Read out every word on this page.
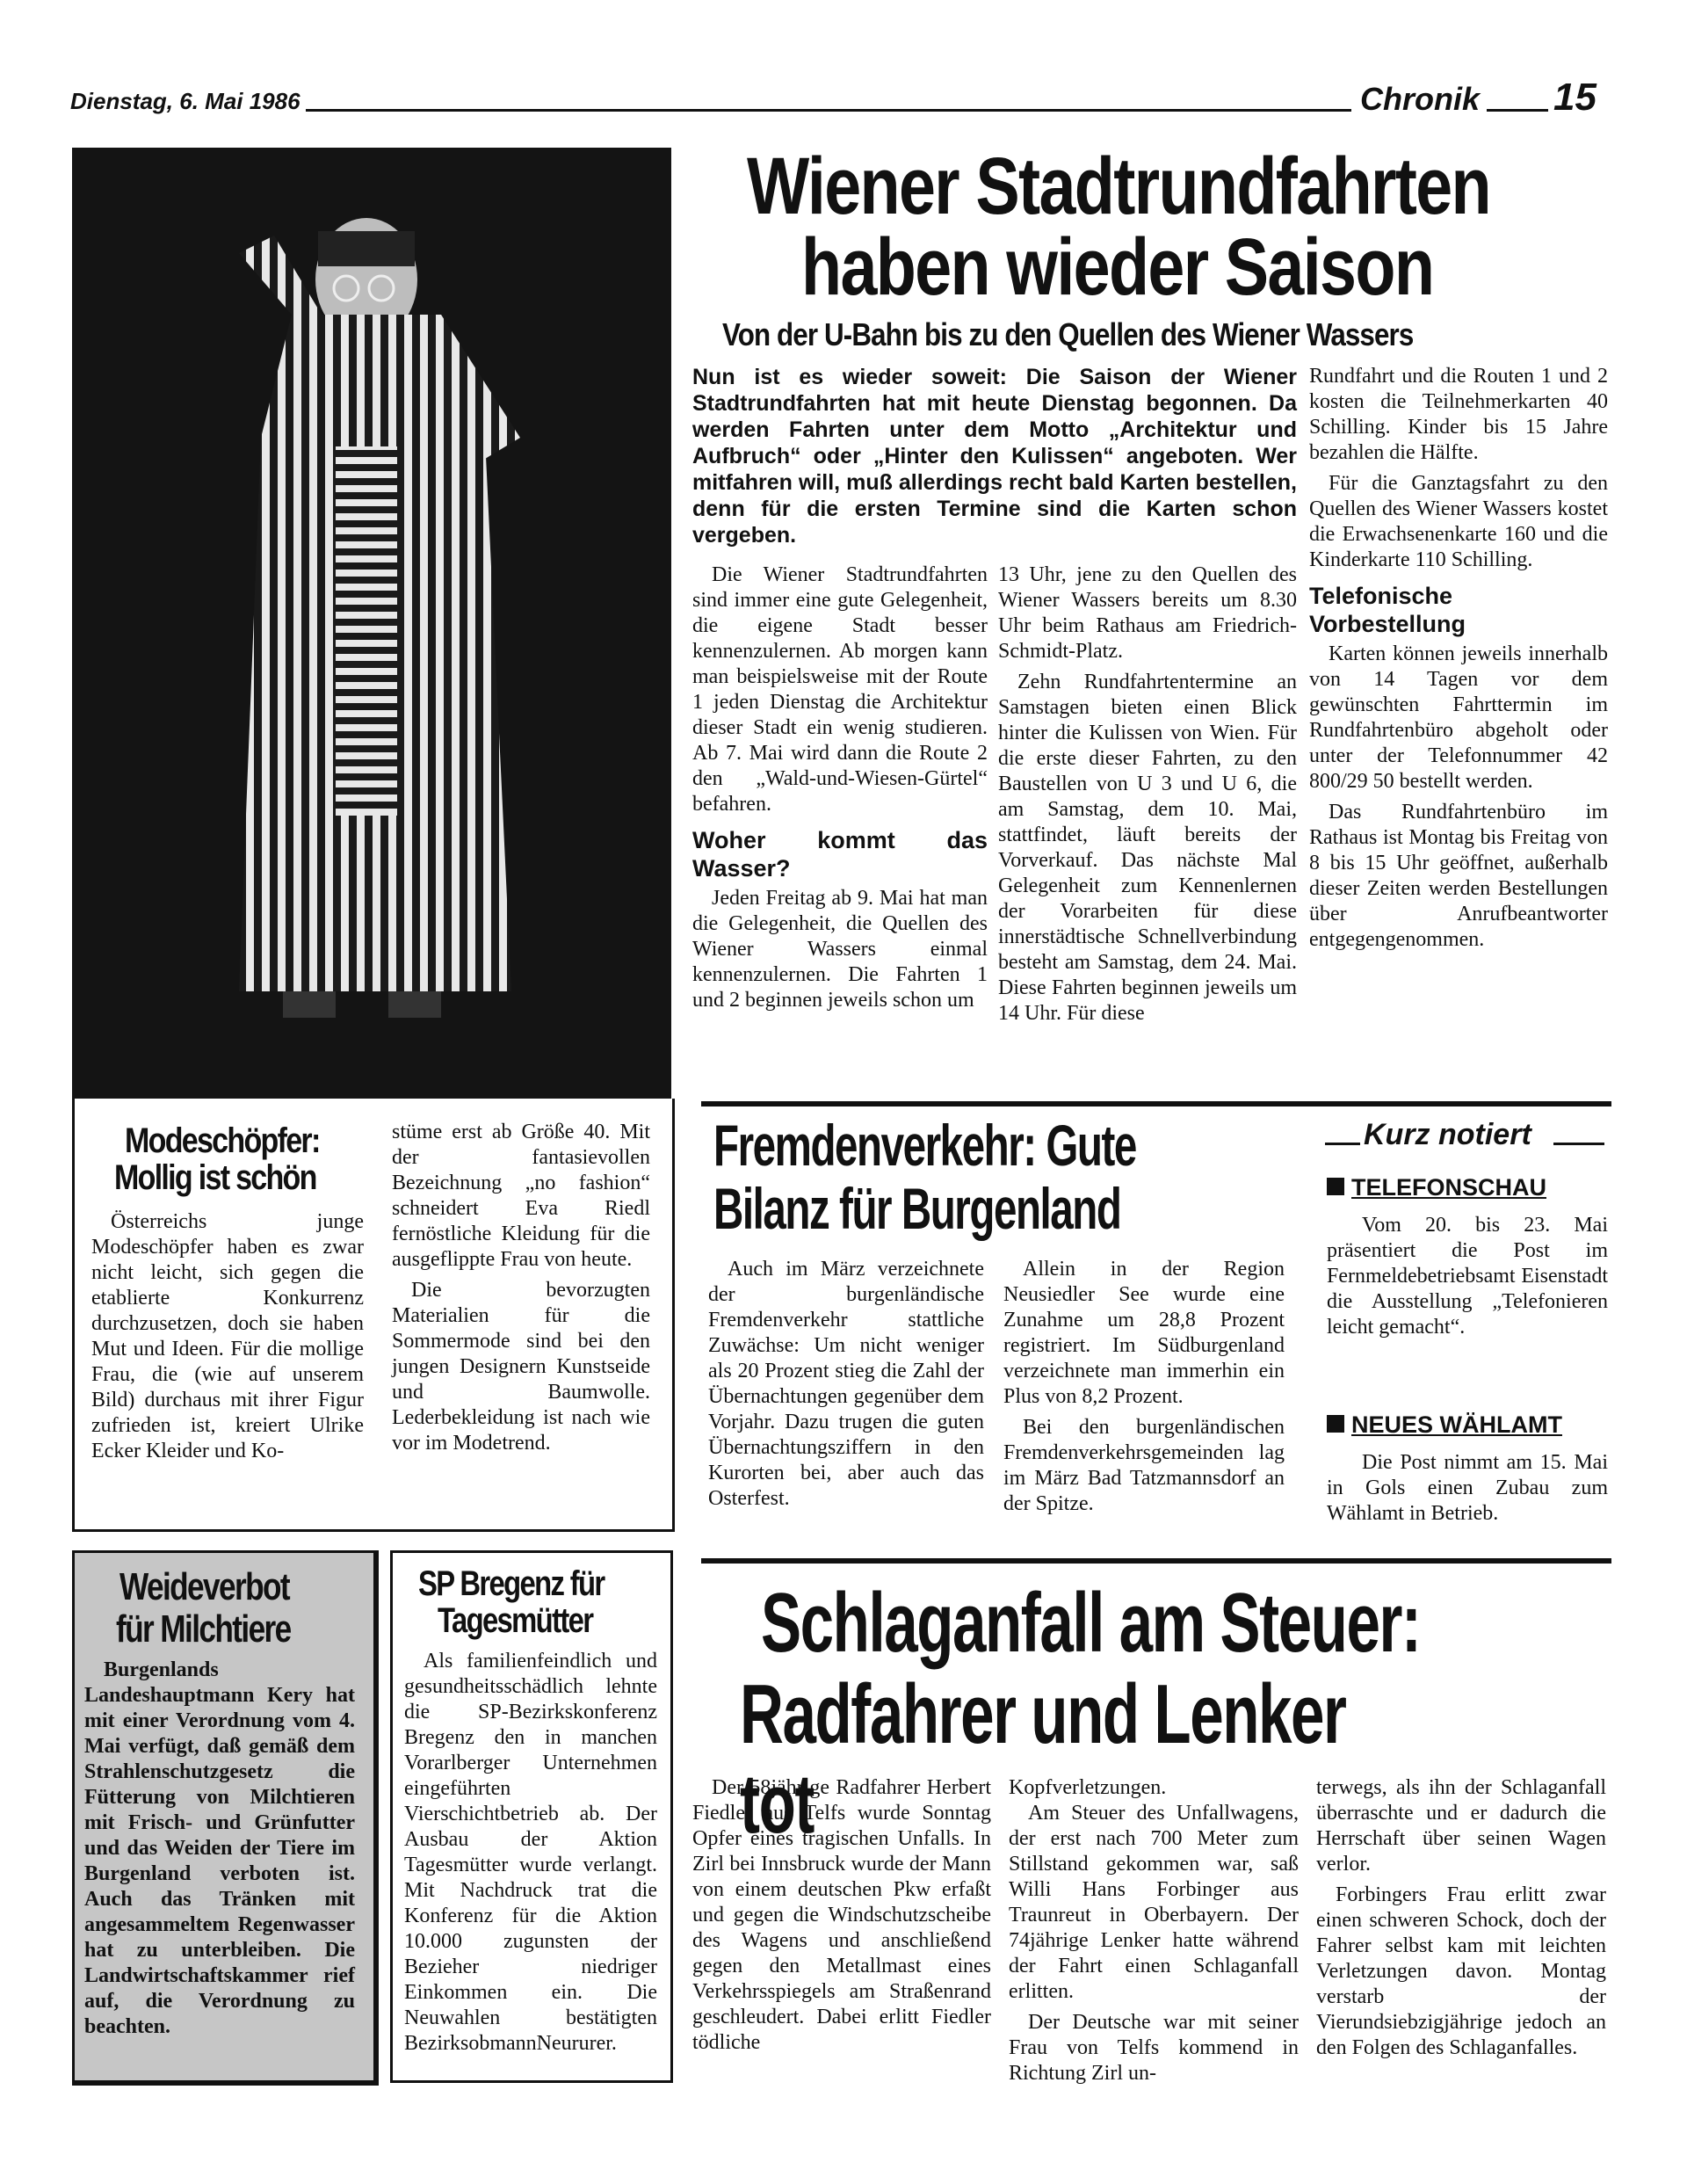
Dienstag, 6. Mai 1986	Chronik 15
Wiener Stadtrundfahrten
haben wieder Saison
Von der U-Bahn bis zu den Quellen des Wiener Wassers
Nun ist es wieder soweit: Die Saison der Wiener Stadtrundfahrten hat mit heute Dienstag begonnen. Da werden Fahrten unter dem Motto „Architektur und Aufbruch“ oder „Hinter den Kulissen“ angeboten. Wer mitfahren will, muß allerdings recht bald Karten bestellen, denn für die ersten Termine sind die Karten schon vergeben.

Die Wiener Stadtrundfahrten sind immer eine gute Gelegenheit, die eigene Stadt besser kennenzulernen. Ab morgen kann man beispielsweise mit der Route 1 jeden Dienstag die Architektur dieser Stadt ein wenig studieren. Ab 7. Mai wird dann die Route 2 den „Wald-und-Wiesen-Gürtel“ befahren.

Woher kommt das Wasser?

Jeden Freitag ab 9. Mai hat man die Gelegenheit, die Quellen des Wiener Wassers einmal kennenzulernen. Die Fahrten 1 und 2 beginnen jeweils schon um

13 Uhr, jene zu den Quellen des Wiener Wassers bereits um 8.30 Uhr beim Rathaus am Friedrich-Schmidt-Platz.

Zehn Rundfahrtentermine an Samstagen bieten einen Blick hinter die Kulissen von Wien. Für die erste dieser Fahrten, zu den Baustellen von U 3 und U 6, die am Samstag, dem 10. Mai, stattfindet, läuft bereits der Vorverkauf. Das nächste Mal Gelegenheit zum Kennenlernen der Vorarbeiten für diese innerstädtische Schnellverbindung besteht am Samstag, dem 24. Mai. Diese Fahrten beginnen jeweils um 14 Uhr. Für diese

Rundfahrt und die Routen 1 und 2 kosten die Teilnehmerkarten 40 Schilling. Kinder bis 15 Jahre bezahlen die Hälfte.

Für die Ganztagsfahrt zu den Quellen des Wiener Wassers kostet die Erwachsenenkarte 160 und die Kinderkarte 110 Schilling.

Telefonische Vorbestellung

Karten können jeweils innerhalb von 14 Tagen vor dem gewünschten Fahrttermin im Rundfahrtenbüro abgeholt oder unter der Telefonnummer 42 800/29 50 bestellt werden.

Das Rundfahrtenbüro im Rathaus ist Montag bis Freitag von 8 bis 15 Uhr geöffnet, außerhalb dieser Zeiten werden Bestellungen über Anrufbeantworter entgegengenommen.

Modeschöpfer:
Mollig ist schön
Österreichs junge Modeschöpfer haben es zwar nicht leicht, sich gegen die etablierte Konkurrenz durchzusetzen, doch sie haben Mut und Ideen. Für die mollige Frau, die (wie auf unserem Bild) durchaus mit ihrer Figur zufrieden ist, kreiert Ulrike Ecker Kleider und Ko-

stüme erst ab Größe 40. Mit der fantasievollen Bezeichnung „no fashion“ schneidert Eva Riedl fernöstliche Kleidung für die ausgeflippte Frau von heute.

Die bevorzugten Materialien für die Sommermode sind bei den jungen Designern Kunstseide und Baumwolle. Lederbekleidung ist nach wie vor im Modetrend.

Fremdenverkehr: Gute
Bilanz für Burgenland
Auch im März verzeichnete der burgenländische Fremdenverkehr stattliche Zuwächse: Um nicht weniger als 20 Prozent stieg die Zahl der Übernachtungen gegenüber dem Vorjahr. Dazu trugen die guten Übernachtungsziffern in den Kurorten bei, aber auch das Osterfest.

Allein in der Region Neusiedler See wurde eine Zunahme um 28,8 Prozent registriert. Im Südburgenland verzeichnete man immerhin ein Plus von 8,2 Prozent.

Bei den burgenländischen Fremdenverkehrsgemeinden lag im März Bad Tatzmannsdorf an der Spitze.

Kurz notiert
TELEFONSCHAU
Vom 20. bis 23. Mai präsentiert die Post im Fernmeldebetriebsamt Eisenstadt die Ausstellung „Telefonieren leicht gemacht“.
NEUES WÄHLAMT
Die Post nimmt am 15. Mai in Gols einen Zubau zum Wählamt in Betrieb.
Weideverbot
für Milchtiere
Burgenlands Landeshauptmann Kery hat mit einer Verordnung vom 4. Mai verfügt, daß gemäß dem Strahlenschutzgesetz die Fütterung von Milchtieren mit Frisch- und Grünfutter und das Weiden der Tiere im Burgenland verboten ist. Auch das Tränken mit angesammeltem Regenwasser hat zu unterbleiben. Die Landwirtschaftskammer rief auf, die Verordnung zu beachten.
SP Bregenz für
Tagesmütter
Als familienfeindlich und gesundheitsschädlich lehnte die SP-Bezirkskonferenz Bregenz den in manchen Vorarlberger Unternehmen eingeführten Vierschichtbetrieb ab. Der Ausbau der Aktion Tagesmütter wurde verlangt. Mit Nachdruck trat die Konferenz für die Aktion 10.000 zugunsten der Bezieher niedriger Einkommen ein. Die Neuwahlen bestätigten BezirksobmannNeururer.
Schlaganfall am Steuer:
Radfahrer und Lenker tot
Der 58jährige Radfahrer Herbert Fiedler aus Telfs wurde Sonntag Opfer eines tragischen Unfalls. In Zirl bei Innsbruck wurde der Mann von einem deutschen Pkw erfaßt und gegen die Windschutzscheibe des Wagens und anschließend gegen den Metallmast eines Verkehrsspiegels am Straßenrand geschleudert. Dabei erlitt Fiedler tödliche

Kopfverletzungen.

Am Steuer des Unfallwagens, der erst nach 700 Meter zum Stillstand gekommen war, saß Willi Hans Forbinger aus Traunreut in Oberbayern. Der 74jährige Lenker hatte während der Fahrt einen Schlaganfall erlitten.

Der Deutsche war mit seiner Frau von Telfs kommend in Richtung Zirl un-

terwegs, als ihn der Schlaganfall überraschte und er dadurch die Herrschaft über seinen Wagen verlor.

Forbingers Frau erlitt zwar einen schweren Schock, doch der Fahrer selbst kam mit leichten Verletzungen davon. Montag verstarb der Vierundsiebzigjährige jedoch an den Folgen des Schlaganfalles.
